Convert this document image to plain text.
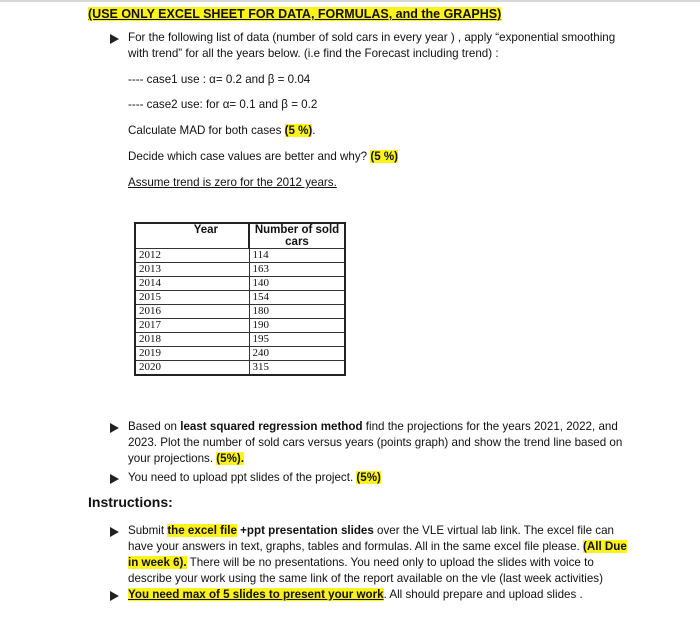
(USE ONLY EXCEL SHEET FOR DATA, FORMULAS, and the GRAPHS)
For the following list of data (number of sold cars in every year ) , apply “exponential smoothing
with trend” for all the years below. (i.e find the Forecast including trend) :
---- case1 use : α= 0.2 and β = 0.04
---- case2 use: for α= 0.1 and β = 0.2
Calculate MAD for both cases (5 %).
Decide which case values are better and why? (5 %)
Assume trend is zero for the 2012 years.
Year	Number of sold cars
2012	114
2013	163
2014	140
2015	154
2016	180
2017	190
2018	195
2019	240
2020	315
Based on least squared regression method find the projections for the years 2021, 2022, and
2023. Plot the number of sold cars versus years (points graph) and show the trend line based on
your projections. (5%).
You need to upload ppt slides of the project. (5%)
Instructions:
Submit the excel file +ppt presentation slides over the VLE virtual lab link. The excel file can
have your answers in text, graphs, tables and formulas. All in the same excel file please. (All Due
in week 6). There will be no presentations. You need only to upload the slides with voice to
describe your work using the same link of the report available on the vle (last week activities)
You need max of 5 slides to present your work. All should prepare and upload slides .
